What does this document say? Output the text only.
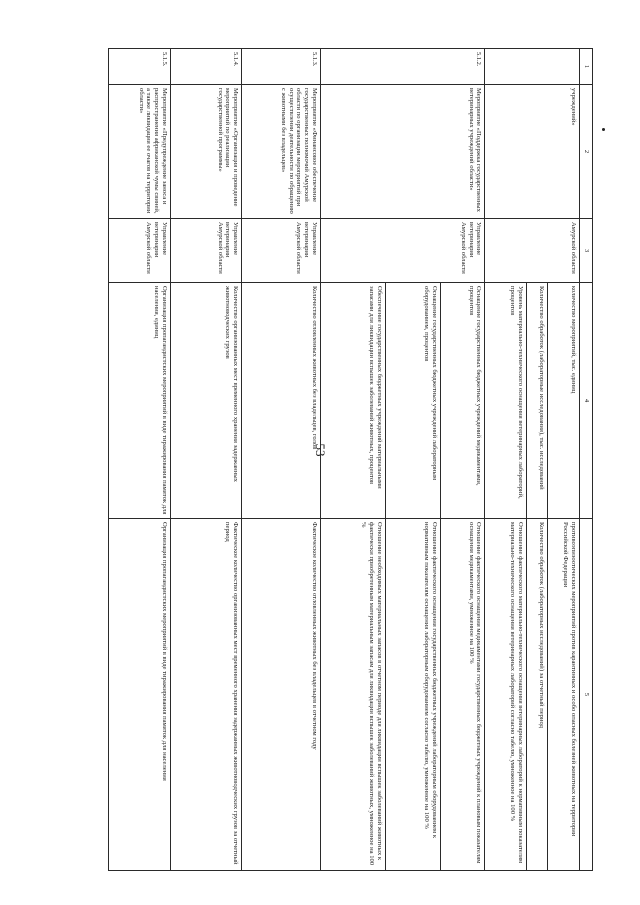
53
1	2	3	4	5
	учреждений»	Амурской области	количество мероприятий, тыс. единиц	противоэпизоотических мероприятий против карантинных и особо опасных болезней животных на территории Российской Федерации
			Количество обработок (лабораторные исследования), тыс. исследований	Количество обработок (лабораторных исследований) за отчетный период
			Уровень материально-технического оснащения ветеринарных лабораторий, процентов	Отношение фактического материально-технического оснащения ветеринарных лабораторий к нормативным показателям материально-технического оснащения ветеринарных лабораторий согласно табелю, умноженное на 100 %
5.1.2.	Мероприятие «Поддержка государственных ветеринарных учреждений области»	Управление ветеринарии Амурской области	Оснащение государственных бюджетных учреждений медикаментами, процентов	Отношение фактического оснащения медикаментами государственных бюджетных учреждений к плановым показателям оснащения медикаментами, умноженное на 100 %
			Оснащение государственных бюджетных учреждений лабораторным оборудованием, процентов	Отношение фактического оснащения государственных бюджетных учреждений лабораторным оборудованием к нормативным показателям оснащения лабораторным оборудованием согласно табелю, умноженное на 100 %
			Обеспечение государственных бюджетных учреждений материальными запасами для ликвидации вспышек заболеваний животных, процентов	Отношение необходимых материальных запасов в отчетном периоде для ликвидации вспышек заболеваний животных к фактически приобретенным материальным запасам для ликвидации вспышек заболеваний животных, умноженное на 100 %
5.1.3.	Мероприятие «Финансовое обеспечение государственных полномочий Амурской области по организации мероприятий при осуществлении деятельности по обращению с животными без владельцев»	Управление ветеринарии Амурской области	Количество отловленных животных без владельцев, голов	Фактическое количество отловленных животных без владельцев в отчетном году
5.1.4.	Мероприятие «Организация и проведение мероприятий по реализации государственной программы»	Управление ветеринарии Амурской области	Количество организованных мест временного хранения задержанных животноводческих грузов	Фактическое количество организованных мест временного хранения задержанных животноводческих грузов за отчетный период
5.1.5.	Мероприятие «Предупреждение заноса и распространения африканской чумы свиней, а также ликвидация ее очагов на территории области»	Управление ветеринарии Амурской области	Организация пропагандистских мероприятий в виде тиражирования памяток для населения, единиц	Организация пропагандистских мероприятий в виде тиражирования памяток для населения
